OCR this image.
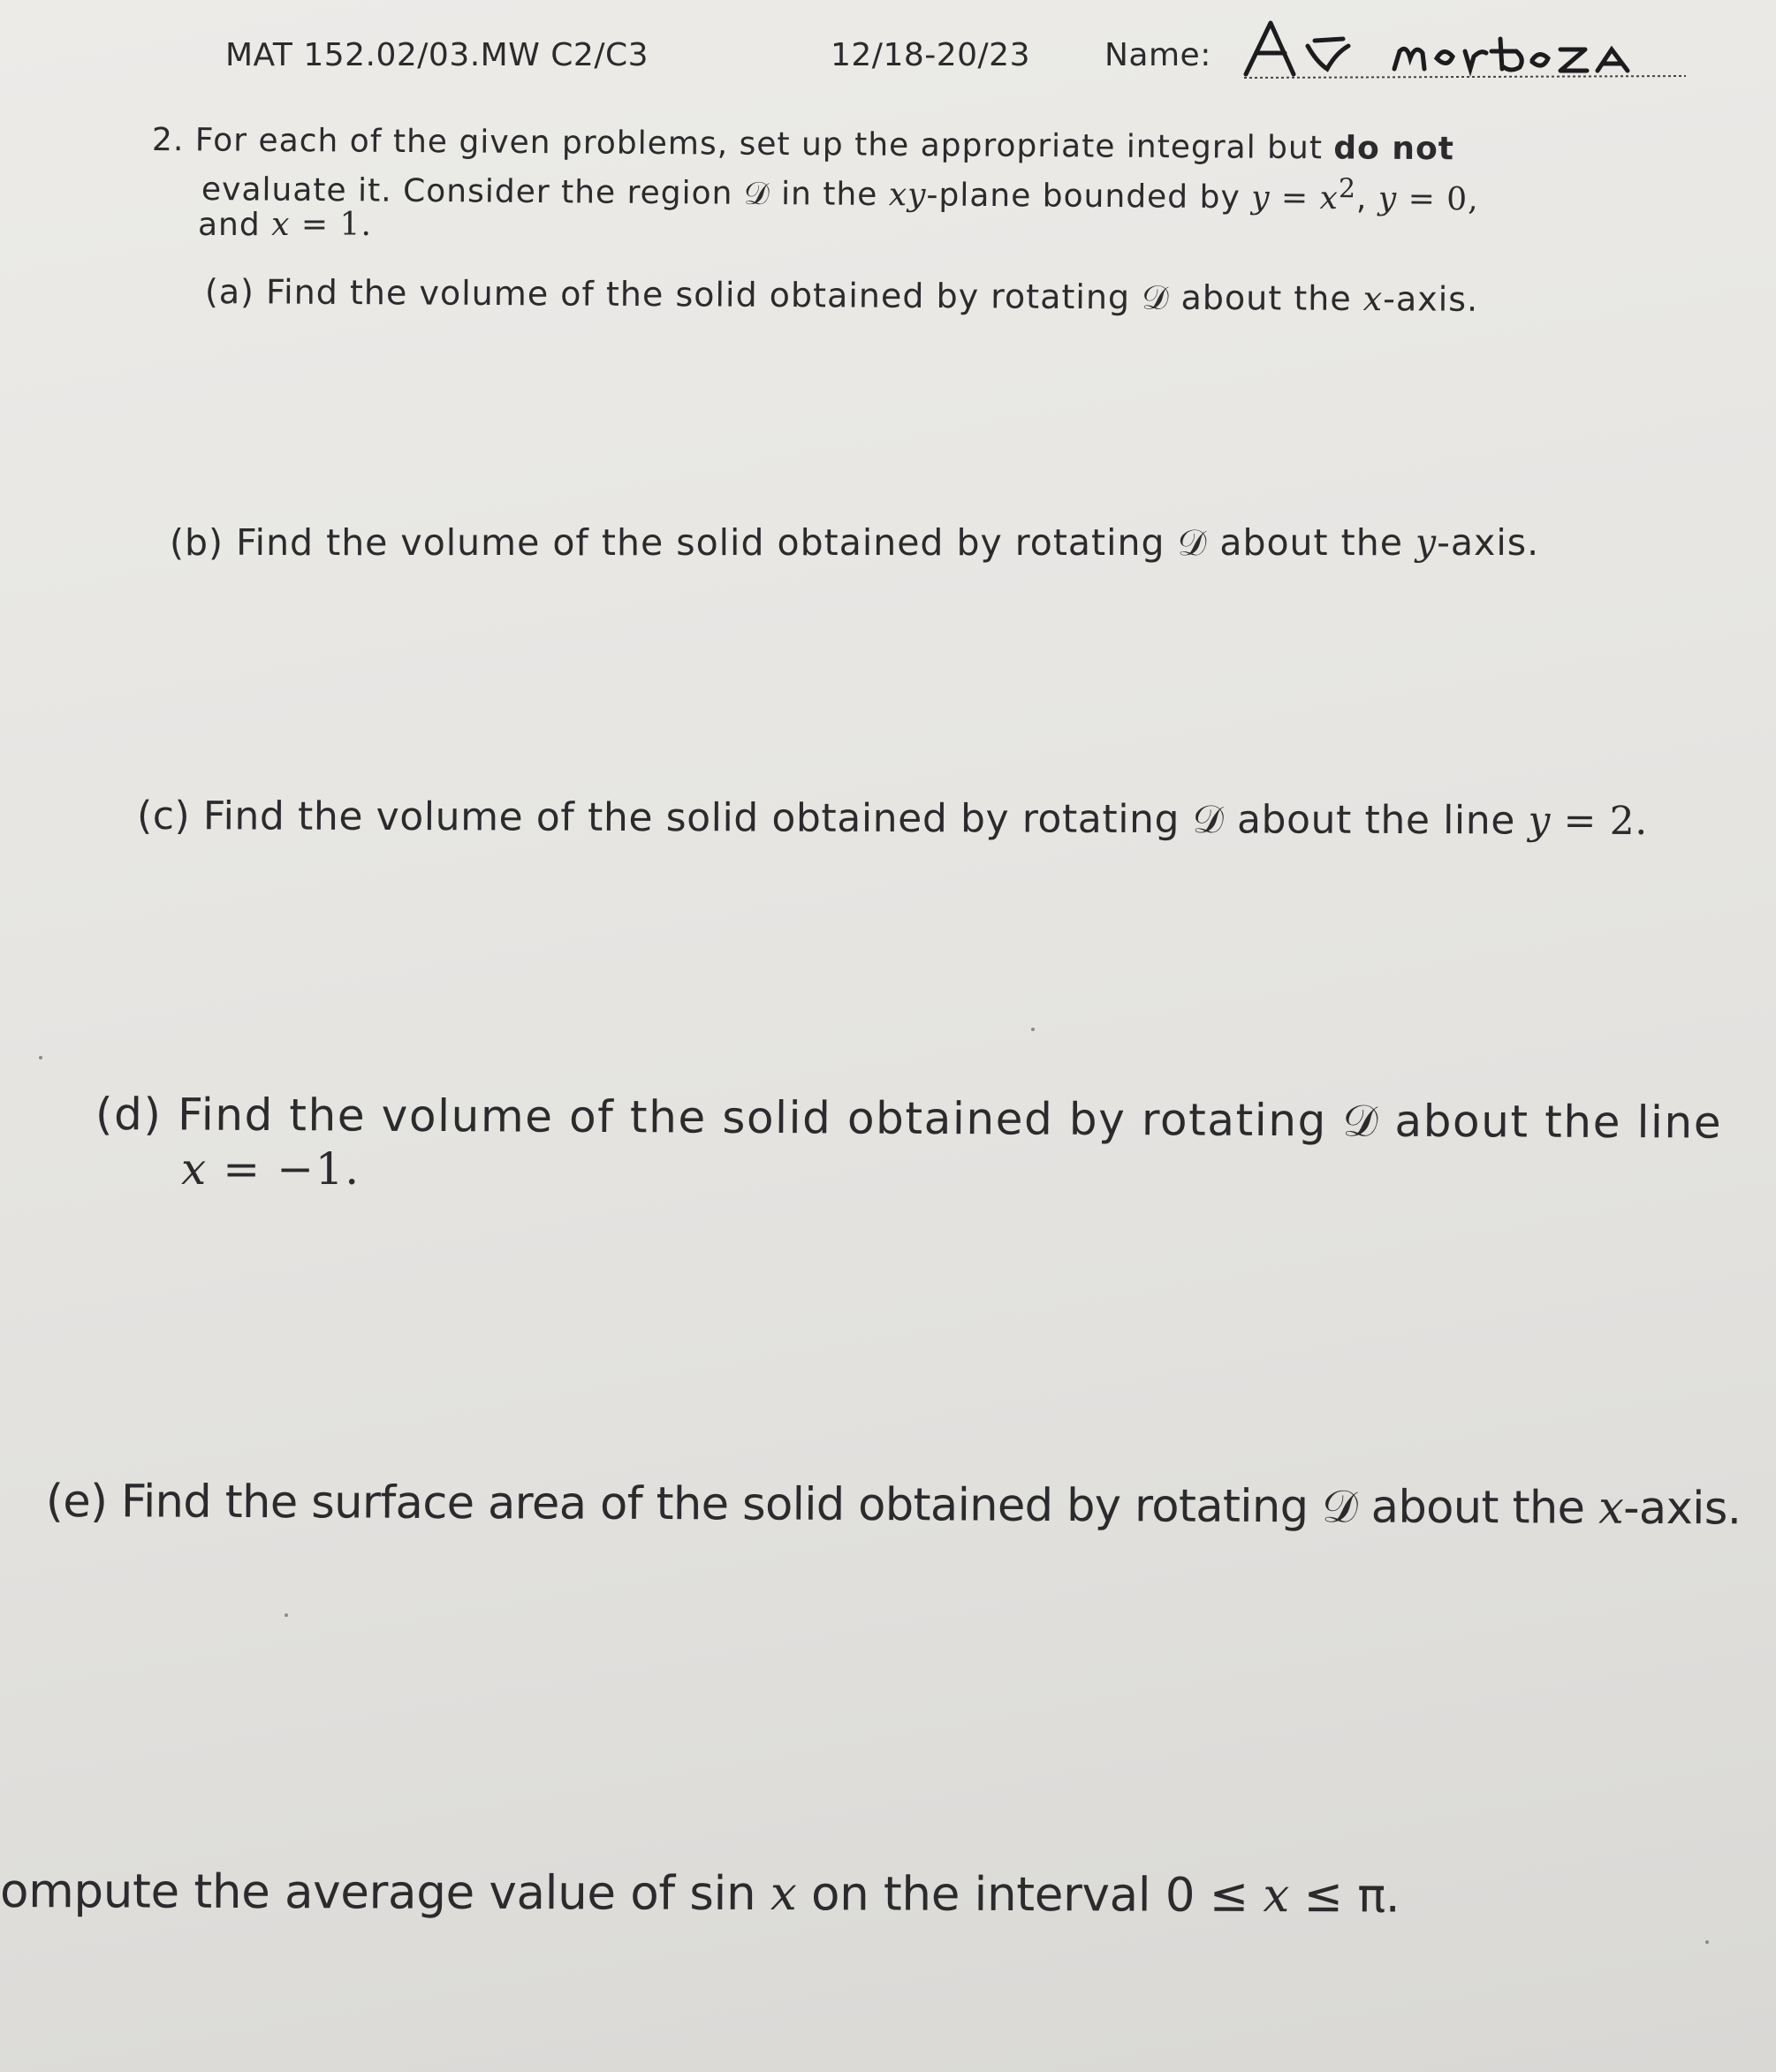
MAT 152.02/03.MW C2/C3	12/18-20/23 Name:
2. For each of the given problems, set up the appropriate integral but do not
evaluate it. Consider the region 𝒟 in the xy-plane bounded by $y = x^2$, y = 0,
and x = 1.
(a) Find the volume of the solid obtained by rotating 𝒟 about the x-axis.
(b) Find the volume of the solid obtained by rotating 𝒟 about the y-axis.
(c) Find the volume of the solid obtained by rotating 𝒟 about the line y = 2.
(d) Find the volume of the solid obtained by rotating 𝒟 about the line
x = −1.
(e) Find the surface area of the solid obtained by rotating 𝒟 about the x-axis.
ompute the average value of sin x on the interval 0 ≤ x ≤ π.
